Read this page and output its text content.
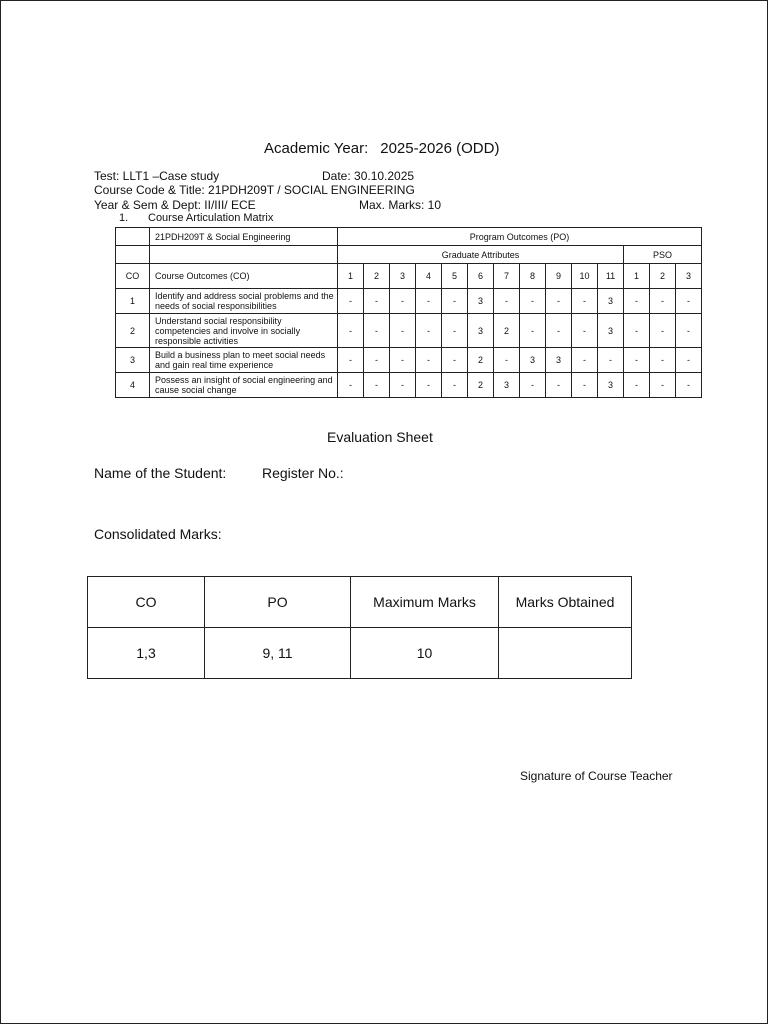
Academic Year: 2025-2026 (ODD)
Test: LLT1 –Case study	Date: 30.10.2025
Course Code & Title: 21PDH209T / SOCIAL ENGINEERING
Year & Sem & Dept: II/III/ ECE	Max. Marks: 10
1. Course Articulation Matrix
	21PDH209T & Social Engineering	Program Outcomes (PO)													
		Graduate Attributes											PSO		
CO	Course Outcomes (CO)	1	2	3	4	5	6	7	8	9	10	11	1	2	3
1	Identify and address social problems and the needs of social responsibilities	-	-	-	-	-	3	-	-	-	-	3	-	-	-
2	Understand social responsibility competencies and involve in socially responsible activities	-	-	-	-	-	3	2	-	-	-	3	-	-	-
3	Build a business plan to meet social needs and gain real time experience	-	-	-	-	-	2	-	3	3	-	-	-	-	-
4	Possess an insight of social engineering and cause social change	-	-	-	-	-	2	3	-	-	-	3	-	-	-
Evaluation Sheet
Name of the Student:	Register No.:
Consolidated Marks:
CO	PO	Maximum Marks	Marks Obtained
1,3	9, 11	10	
Signature of Course Teacher
